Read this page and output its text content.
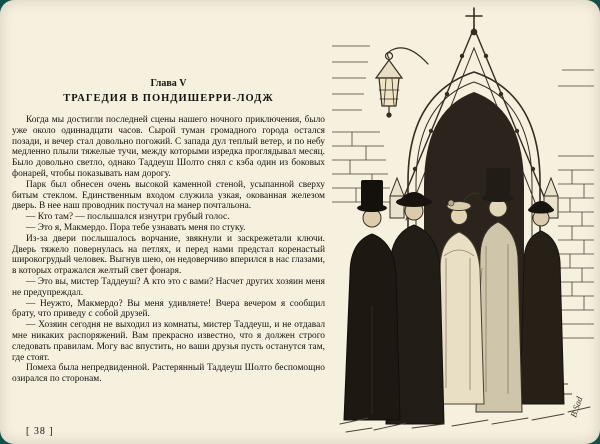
Глава V
ТРАГЕДИЯ В ПОНДИШЕРРИ-ЛОДЖ

Когда мы достигли последней сцены нашего ночного приключения, было уже около одиннадцати часов. Сырой туман громадного города остался позади, и вечер стал довольно погожий. С запада дул теплый ветер, и по небу медленно плыли тяжелые тучи, между которыми изредка проглядывал месяц. Было довольно светло, однако Таддеуш Шолто снял с кэба один из боковых фонарей, чтобы показывать нам дорогу.

Парк был обнесен очень высокой каменной стеной, усыпанной сверху битым стеклом. Единственным входом служила узкая, окованная железом дверь. В нее наш проводник постучал на манер почтальона.

— Кто там? — послышался изнутри грубый голос.

— Это я, Макмердо. Пора тебе узнавать меня по стуку.

Из-за двери послышалось ворчание, звякнули и заскрежетали ключи. Дверь тяжело повернулась на петлях, и перед нами предстал коренастый широкогрудый человек. Выгнув шею, он недоверчиво вперился в нас глазами, в которых отражался желтый свет фонаря.

— Это вы, мистер Таддеуш? А кто это с вами? Насчет других хозяин меня не предупреждал.

— Неужто, Макмердо? Вы меня удивляете! Вчера вечером я сообщил брату, что приведу с собой друзей.

— Хозяин сегодня не выходил из комнаты, мистер Таддеуш, и не отдавал мне никаких распоряжений. Вам прекрасно известно, что я должен строго следовать правилам. Могу вас впустить, но ваши друзья пусть останутся там, где стоят.

Помеха была непредвиденной. Растерянный Таддеуш Шолто беспомощно озирался по сторонам.

[ 38 ]
B.Sad
